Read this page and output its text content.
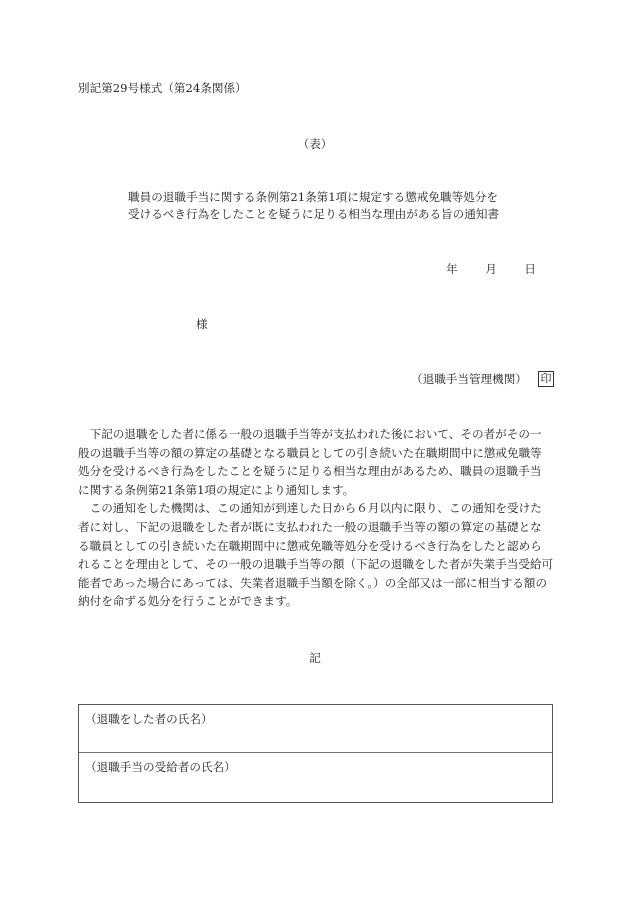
別記第29号様式（第24条関係）
（表）
職員の退職手当に関する条例第21条第1項に規定する懲戒免職等処分を
受けるべき行為をしたことを疑うに足りる相当な理由がある旨の通知書
年 月 日
様
（退職手当管理機関） 印

下記の退職をした者に係る一般の退職手当等が支払われた後において、その者がその一
般の退職手当等の額の算定の基礎となる職員としての引き続いた在職期間中に懲戒免職等
処分を受けるべき行為をしたことを疑うに足りる相当な理由があるため、職員の退職手当
に関する条例第21条第1項の規定により通知します。

この通知をした機関は、この通知が到達した日から６月以内に限り、この通知を受けた
者に対し、下記の退職をした者が既に支払われた一般の退職手当等の額の算定の基礎とな
る職員としての引き続いた在職期間中に懲戒免職等処分を受けるべき行為をしたと認めら
れることを理由として、その一般の退職手当等の額（下記の退職をした者が失業手当受給可
能者であった場合にあっては、失業者退職手当額を除く。）の全部又は一部に相当する額の
納付を命ずる処分を行うことができます。

記
（退職をした者の氏名）
（退職手当の受給者の氏名）
